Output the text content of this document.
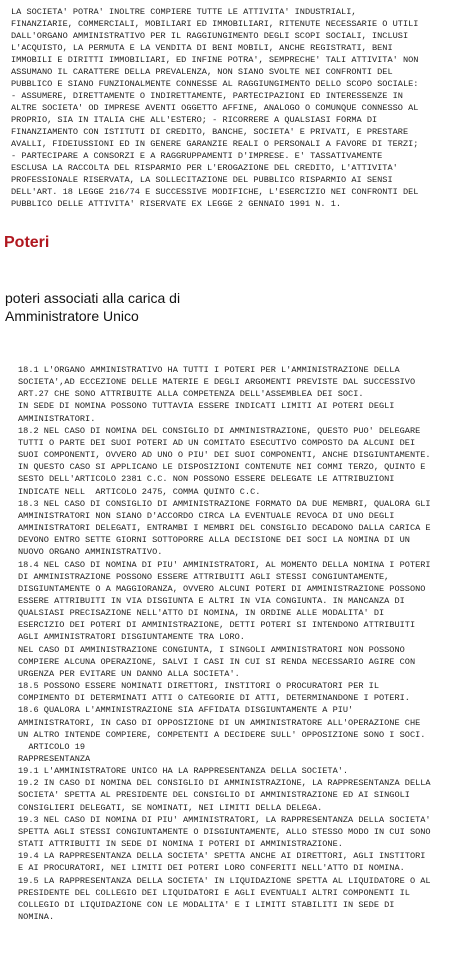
LA SOCIETA' POTRA' INOLTRE COMPIERE TUTTE LE ATTIVITA' INDUSTRIALI,
FINANZIARIE, COMMERCIALI, MOBILIARI ED IMMOBILIARI, RITENUTE NECESSARIE O UTILI
DALL'ORGANO AMMINISTRATIVO PER IL RAGGIUNGIMENTO DEGLI SCOPI SOCIALI, INCLUSI
L'ACQUISTO, LA PERMUTA E LA VENDITA DI BENI MOBILI, ANCHE REGISTRATI, BENI
IMMOBILI E DIRITTI IMMOBILIARI, ED INFINE POTRA', SEMPRECHE' TALI ATTIVITA' NON
ASSUMANO IL CARATTERE DELLA PREVALENZA, NON SIANO SVOLTE NEI CONFRONTI DEL
PUBBLICO E SIANO FUNZIONALMENTE CONNESSE AL RAGGIUNGIMENTO DELLO SCOPO SOCIALE:
- ASSUMERE, DIRETTAMENTE O INDIRETTAMENTE, PARTECIPAZIONI ED INTERESSENZE IN
ALTRE SOCIETA' OD IMPRESE AVENTI OGGETTO AFFINE, ANALOGO O COMUNQUE CONNESSO AL
PROPRIO, SIA IN ITALIA CHE ALL'ESTERO; - RICORRERE A QUALSIASI FORMA DI
FINANZIAMENTO CON ISTITUTI DI CREDITO, BANCHE, SOCIETA' E PRIVATI, E PRESTARE
AVALLI, FIDEIUSSIONI ED IN GENERE GARANZIE REALI O PERSONALI A FAVORE DI TERZI;
- PARTECIPARE A CONSORZI E A RAGGRUPPAMENTI D'IMPRESE. E' TASSATIVAMENTE
ESCLUSA LA RACCOLTA DEL RISPARMIO PER L'EROGAZIONE DEL CREDITO, L'ATTIVITA'
PROFESSIONALE RISERVATA, LA SOLLECITAZIONE DEL PUBBLICO RISPARMIO AI SENSI
DELL'ART. 18 LEGGE 216/74 E SUCCESSIVE MODIFICHE, L'ESERCIZIO NEI CONFRONTI DEL
PUBBLICO DELLE ATTIVITA' RISERVATE EX LEGGE 2 GENNAIO 1991 N. 1.
Poteri
poteri associati alla carica di
Amministratore Unico
18.1 L'ORGANO AMMINISTRATIVO HA TUTTI I POTERI PER L'AMMINISTRAZIONE DELLA
SOCIETA',AD ECCEZIONE DELLE MATERIE E DEGLI ARGOMENTI PREVISTE DAL SUCCESSIVO
ART.27 CHE SONO ATTRIBUITE ALLA COMPETENZA DELL'ASSEMBLEA DEI SOCI.
IN SEDE DI NOMINA POSSONO TUTTAVIA ESSERE INDICATI LIMITI AI POTERI DEGLI
AMMINISTRATORI.
18.2 NEL CASO DI NOMINA DEL CONSIGLIO DI AMMINISTRAZIONE, QUESTO PUO' DELEGARE
TUTTI O PARTE DEI SUOI POTERI AD UN COMITATO ESECUTIVO COMPOSTO DA ALCUNI DEI
SUOI COMPONENTI, OVVERO AD UNO O PIU' DEI SUOI COMPONENTI, ANCHE DISGIUNTAMENTE.
IN QUESTO CASO SI APPLICANO LE DISPOSIZIONI CONTENUTE NEI COMMI TERZO, QUINTO E
SESTO DELL'ARTICOLO 2381 C.C. NON POSSONO ESSERE DELEGATE LE ATTRIBUZIONI
INDICATE NELL  ARTICOLO 2475, COMMA QUINTO C.C.
18.3 NEL CASO DI CONSIGLIO DI AMMINISTRAZIONE FORMATO DA DUE MEMBRI, QUALORA GLI
AMMINISTRATORI NON SIANO D'ACCORDO CIRCA LA EVENTUALE REVOCA DI UNO DEGLI
AMMINISTRATORI DELEGATI, ENTRAMBI I MEMBRI DEL CONSIGLIO DECADONO DALLA CARICA E
DEVONO ENTRO SETTE GIORNI SOTTOPORRE ALLA DECISIONE DEI SOCI LA NOMINA DI UN
NUOVO ORGANO AMMINISTRATIVO.
18.4 NEL CASO DI NOMINA DI PIU' AMMINISTRATORI, AL MOMENTO DELLA NOMINA I POTERI
DI AMMINISTRAZIONE POSSONO ESSERE ATTRIBUITI AGLI STESSI CONGIUNTAMENTE,
DISGIUNTAMENTE O A MAGGIORANZA, OVVERO ALCUNI POTERI DI AMMINISTRAZIONE POSSONO
ESSERE ATTRIBUITI IN VIA DISGIUNTA E ALTRI IN VIA CONGIUNTA. IN MANCANZA DI
QUALSIASI PRECISAZIONE NELL'ATTO DI NOMINA, IN ORDINE ALLE MODALITA' DI
ESERCIZIO DEI POTERI DI AMMINISTRAZIONE, DETTI POTERI SI INTENDONO ATTRIBUITI
AGLI AMMINISTRATORI DISGIUNTAMENTE TRA LORO.
NEL CASO DI AMMINISTRAZIONE CONGIUNTA, I SINGOLI AMMINISTRATORI NON POSSONO
COMPIERE ALCUNA OPERAZIONE, SALVI I CASI IN CUI SI RENDA NECESSARIO AGIRE CON
URGENZA PER EVITARE UN DANNO ALLA SOCIETA'.
18.5 POSSONO ESSERE NOMINATI DIRETTORI, INSTITORI O PROCURATORI PER IL
COMPIMENTO DI DETERMINATI ATTI O CATEGORIE DI ATTI, DETERMINANDONE I POTERI.
18.6 QUALORA L'AMMINISTRAZIONE SIA AFFIDATA DISGIUNTAMENTE A PIU'
AMMINISTRATORI, IN CASO DI OPPOSIZIONE DI UN AMMINISTRATORE ALL'OPERAZIONE CHE
UN ALTRO INTENDE COMPIERE, COMPETENTI A DECIDERE SULL' OPPOSIZIONE SONO I SOCI.
ARTICOLO 19
RAPPRESENTANZA
19.1 L'AMMINISTRATORE UNICO HA LA RAPPRESENTANZA DELLA SOCIETA'.
19.2 IN CASO DI NOMINA DEL CONSIGLIO DI AMMINISTRAZIONE, LA RAPPRESENTANZA DELLA
SOCIETA' SPETTA AL PRESIDENTE DEL CONSIGLIO DI AMMINISTRAZIONE ED AI SINGOLI
CONSIGLIERI DELEGATI, SE NOMINATI, NEI LIMITI DELLA DELEGA.
19.3 NEL CASO DI NOMINA DI PIU' AMMINISTRATORI, LA RAPPRESENTANZA DELLA SOCIETA'
SPETTA AGLI STESSI CONGIUNTAMENTE O DISGIUNTAMENTE, ALLO STESSO MODO IN CUI SONO
STATI ATTRIBUITI IN SEDE DI NOMINA I POTERI DI AMMINISTRAZIONE.
19.4 LA RAPPRESENTANZA DELLA SOCIETA' SPETTA ANCHE AI DIRETTORI, AGLI INSTITORI
E AI PROCURATORI, NEI LIMITI DEI POTERI LORO CONFERITI NELL'ATTO DI NOMINA.
19.5 LA RAPPRESENTANZA DELLA SOCIETA' IN LIQUIDAZIONE SPETTA AL LIQUIDATORE O AL
PRESIDENTE DEL COLLEGIO DEI LIQUIDATORI E AGLI EVENTUALI ALTRI COMPONENTI IL
COLLEGIO DI LIQUIDAZIONE CON LE MODALITA' E I LIMITI STABILITI IN SEDE DI
NOMINA.
